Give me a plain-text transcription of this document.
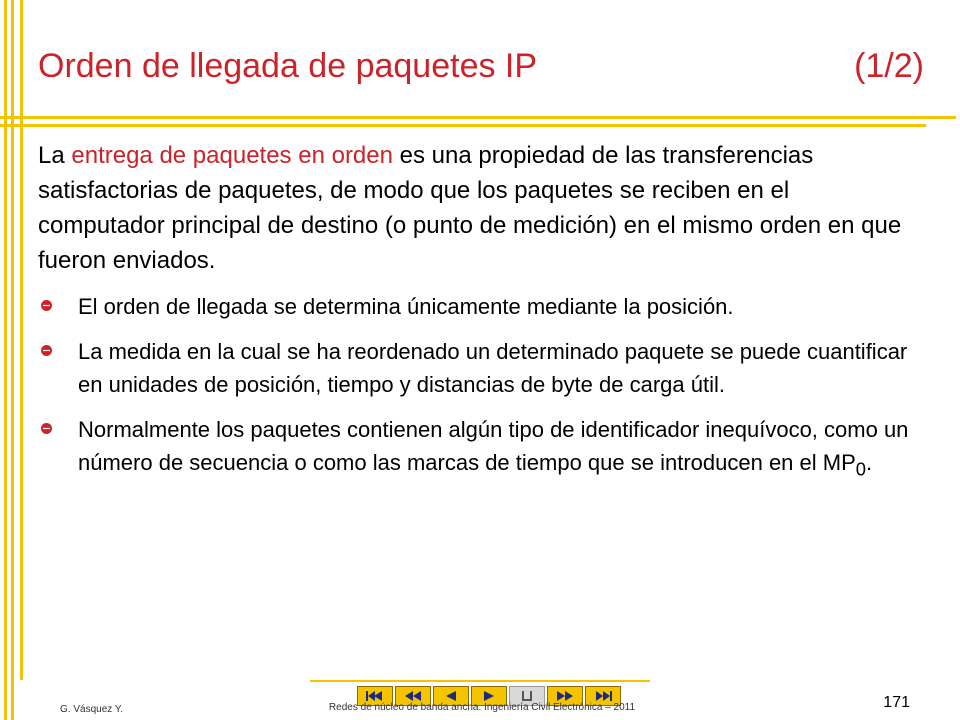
Orden de llegada de paquetes IP	(1/2)
La entrega de paquetes en orden es una propiedad de las transferencias satisfactorias de paquetes, de modo que los paquetes se reciben en el computador principal de destino (o punto de medición) en el mismo orden en que fueron enviados.
El orden de llegada se determina únicamente mediante la posición.
La medida en la cual se ha reordenado un determinado paquete se puede cuantificar en unidades de posición, tiempo y distancias de byte de carga útil.
Normalmente los paquetes contienen algún tipo de identificador inequívoco, como un número de secuencia o como las marcas de tiempo que se introducen en el $MP_0$.
G. Vásquez Y.	Redes de núcleo de banda ancha. Ingeniería Civil Electrónica – 2011	171
